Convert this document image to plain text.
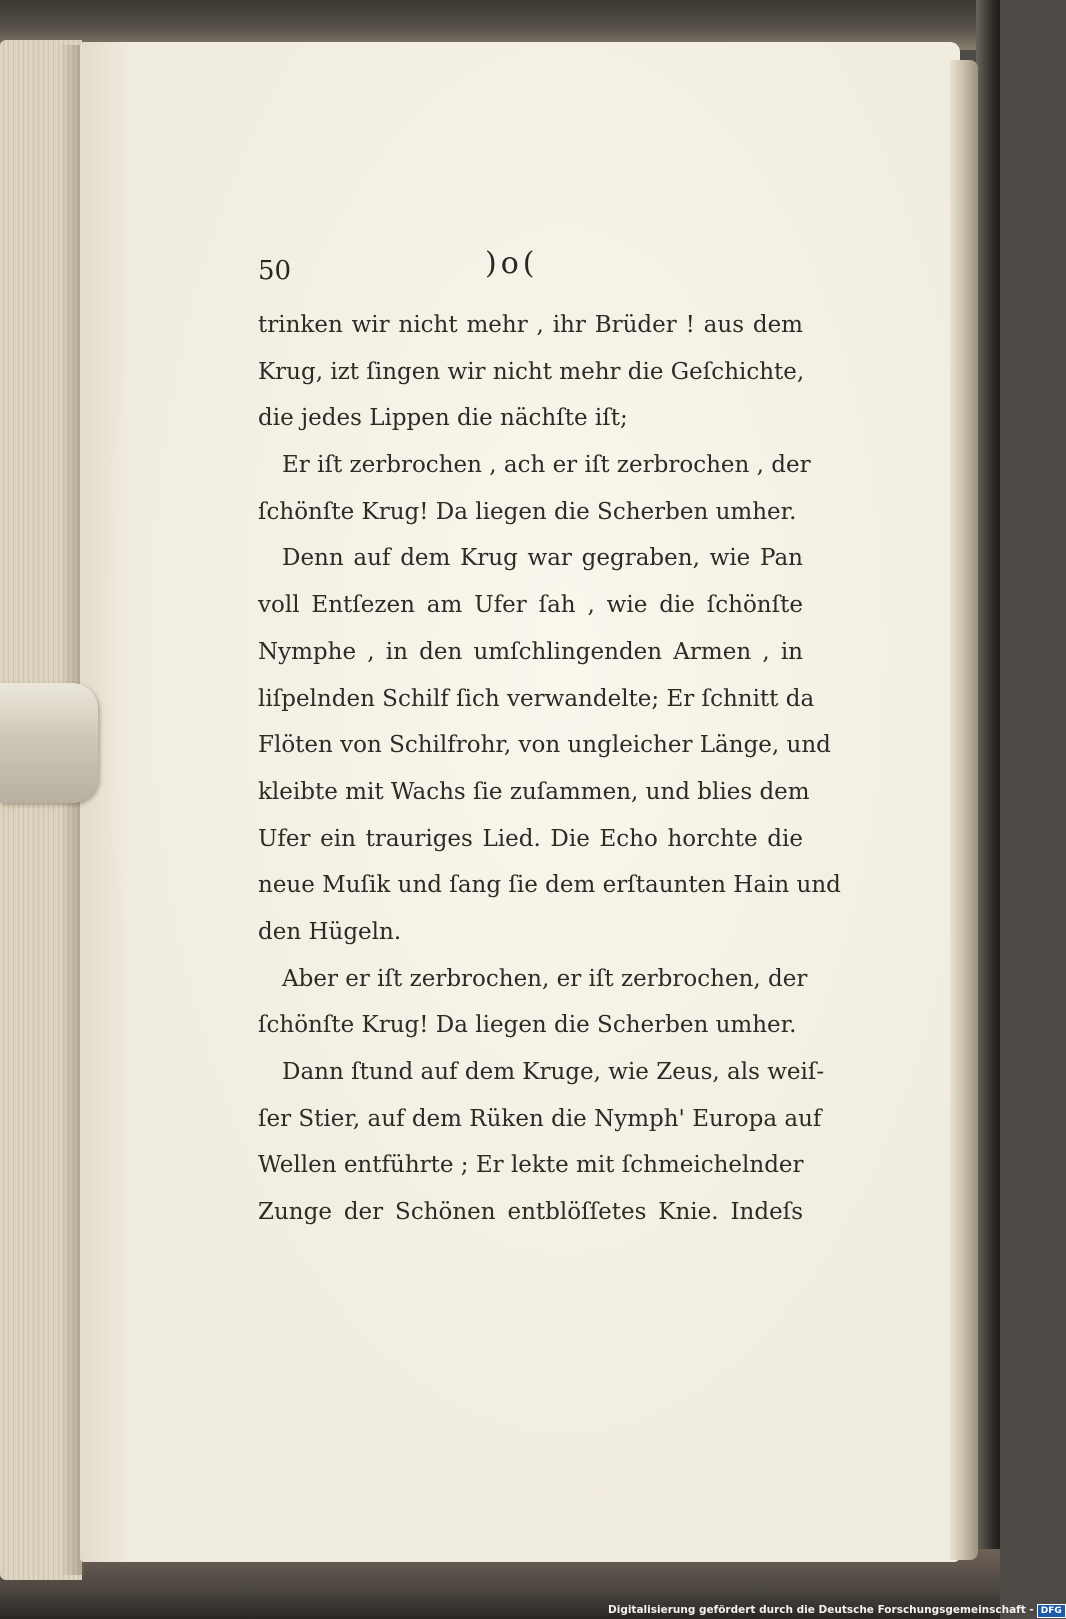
50	)o(
trinken wir nicht mehr , ihr Brüder ! aus dem
Krug, izt ſingen wir nicht mehr die Geſchichte,
die jedes Lippen die nächſte iſt;
Er iſt zerbrochen , ach er iſt zerbrochen , der
ſchönſte Krug! Da liegen die Scherben umher.
Denn auf dem Krug war gegraben, wie Pan
voll Entſezen am Ufer ſah , wie die ſchönſte
Nymphe , in den umſchlingenden Armen , in
liſpelnden Schilf ſich verwandelte; Er ſchnitt da
Flöten von Schilfrohr, von ungleicher Länge, und
kleibte mit Wachs ſie zuſammen, und blies dem
Ufer ein trauriges Lied. Die Echo horchte die
neue Muſik und ſang ſie dem erſtaunten Hain und
den Hügeln.
Aber er iſt zerbrochen, er iſt zerbrochen, der
ſchönſte Krug! Da liegen die Scherben umher.
Dann ſtund auf dem Kruge, wie Zeus, als weiſ-
ſer Stier, auf dem Rüken die Nymph' Europa auf
Wellen entführte ; Er lekte mit ſchmeichelnder
Zunge der Schönen entblöſſetes Knie. Indeſs
Digitalisierung gefördert durch die Deutsche Forschungsgemeinschaft - DFG
